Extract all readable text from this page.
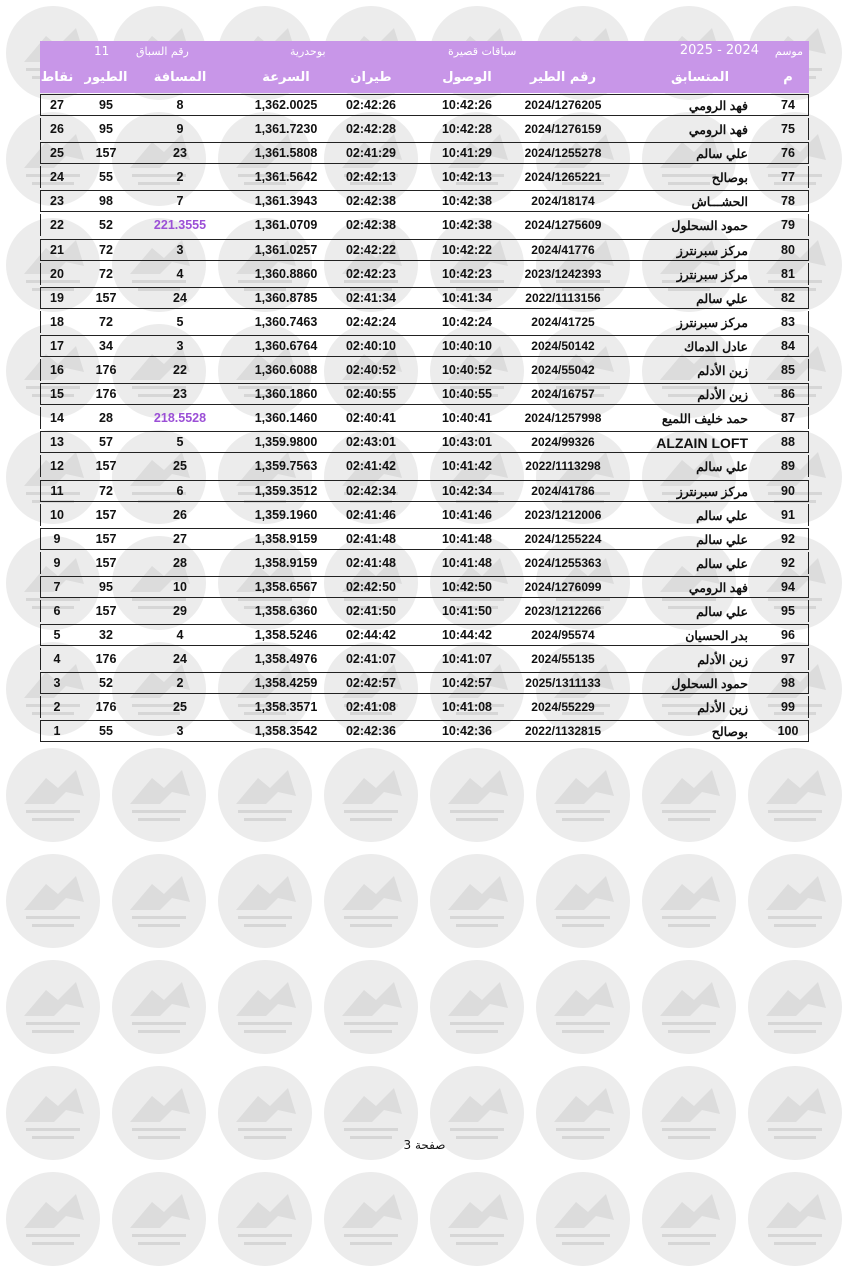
موسم
2025 - 2024
سباقات قصيرة
بوحدرية
رقم السباق
11
نقاط الطيور	المسافة	السرعة	طيران	الوصول	رقم الطير	المتسابق	م
27	95	8	1,362.0025	02:42:26	10:42:26	2024/1276205	فهد الرومي	74
26	95	9	1,361.7230	02:42:28	10:42:28	2024/1276159	فهد الرومي	75
25	157	23	1,361.5808	02:41:29	10:41:29	2024/1255278	علي سالم	76
24	55	2	1,361.5642	02:42:13	10:42:13	2024/1265221	بوصالح	77
23	98	7	1,361.3943	02:42:38	10:42:38	2024/18174	الحشـــاش	78
22	52	221.3555	1,361.0709	02:42:38	10:42:38	2024/1275609	حمود السحلول	79
21	72	3	1,361.0257	02:42:22	10:42:22	2024/41776	مركز سبرنترز	80
20	72	4	1,360.8860	02:42:23	10:42:23	2023/1242393	مركز سبرنترز	81
19	157	24	1,360.8785	02:41:34	10:41:34	2022/1113156	علي سالم	82
18	72	5	1,360.7463	02:42:24	10:42:24	2024/41725	مركز سبرنترز	83
17	34	3	1,360.6764	02:40:10	10:40:10	2024/50142	عادل الدماك	84
16	176	22	1,360.6088	02:40:52	10:40:52	2024/55042	زين الأدلم	85
15	176	23	1,360.1860	02:40:55	10:40:55	2024/16757	زين الأدلم	86
14	28	218.5528	1,360.1460	02:40:41	10:40:41	2024/1257998	حمد خليف اللميع	87
13	57	5	1,359.9800	02:43:01	10:43:01	2024/99326	ALZAIN LOFT	88
12	157	25	1,359.7563	02:41:42	10:41:42	2022/1113298	علي سالم	89
11	72	6	1,359.3512	02:42:34	10:42:34	2024/41786	مركز سبرنترز	90
10	157	26	1,359.1960	02:41:46	10:41:46	2023/1212006	علي سالم	91
9	157	27	1,358.9159	02:41:48	10:41:48	2024/1255224	علي سالم	92
9	157	28	1,358.9159	02:41:48	10:41:48	2024/1255363	علي سالم	92
7	95	10	1,358.6567	02:42:50	10:42:50	2024/1276099	فهد الرومي	94
6	157	29	1,358.6360	02:41:50	10:41:50	2023/1212266	علي سالم	95
5	32	4	1,358.5246	02:44:42	10:44:42	2024/95574	بدر الحسيان	96
4	176	24	1,358.4976	02:41:07	10:41:07	2024/55135	زين الأدلم	97
3	52	2	1,358.4259	02:42:57	10:42:57	2025/1311133	حمود السحلول	98
2	176	25	1,358.3571	02:41:08	10:41:08	2024/55229	زين الأدلم	99
1	55	3	1,358.3542	02:42:36	10:42:36	2022/1132815	بوصالح	100
صفحة 3
